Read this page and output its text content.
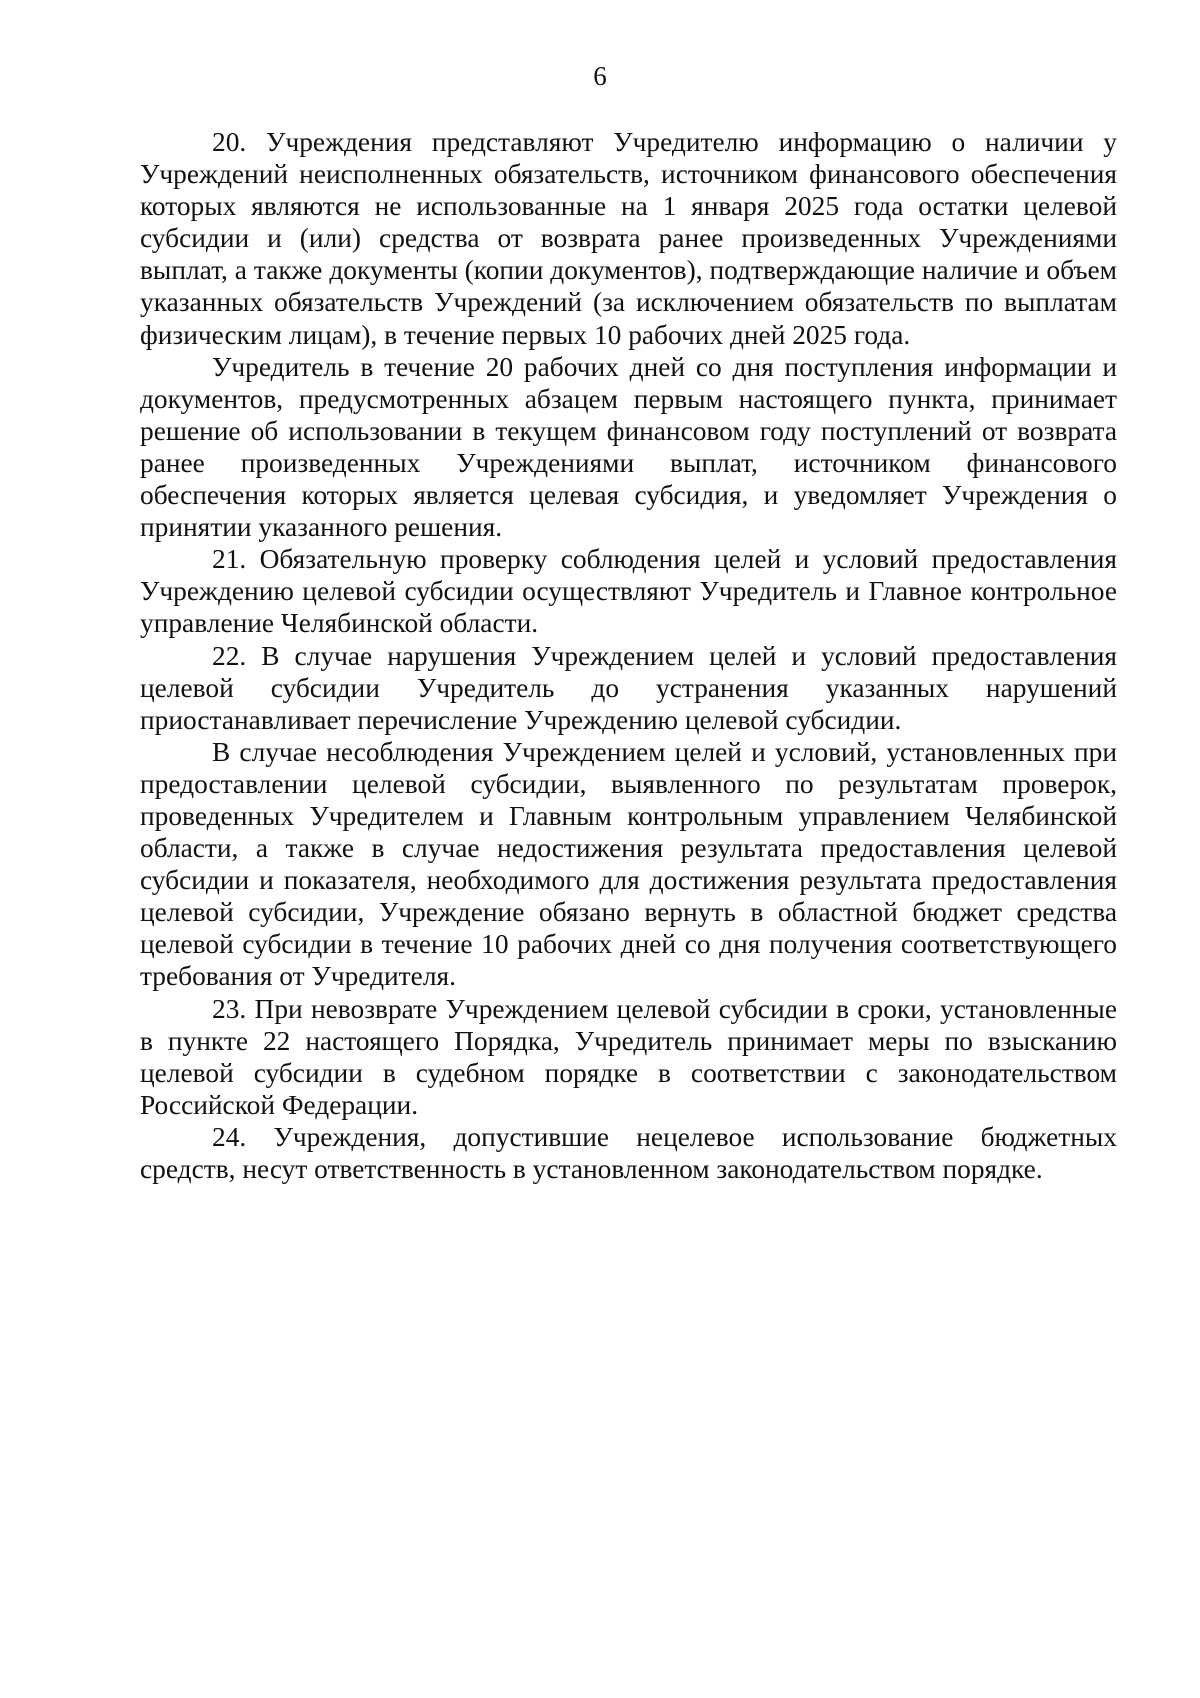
6

20. Учреждения представляют Учредителю информацию о наличии у Учреждений неисполненных обязательств, источником финансового обеспечения которых являются не использованные на 1 января 2025 года остатки целевой субсидии и (или) средства от возврата ранее произведенных Учреждениями выплат, а также документы (копии документов), подтверждающие наличие и объем указанных обязательств Учреждений (за исключением обязательств по выплатам физическим лицам), в течение первых 10 рабочих дней 2025 года.

Учредитель в течение 20 рабочих дней со дня поступления информации и документов, предусмотренных абзацем первым настоящего пункта, принимает решение об использовании в текущем финансовом году поступлений от возврата ранее произведенных Учреждениями выплат, источником финансового обеспечения которых является целевая субсидия, и уведомляет Учреждения о принятии указанного решения.

21. Обязательную проверку соблюдения целей и условий предоставления Учреждению целевой субсидии осуществляют Учредитель и Главное контрольное управление Челябинской области.

22. В случае нарушения Учреждением целей и условий предоставления целевой субсидии Учредитель до устранения указанных нарушений приостанавливает перечисление Учреждению целевой субсидии.

В случае несоблюдения Учреждением целей и условий, установленных при предоставлении целевой субсидии, выявленного по результатам проверок, проведенных Учредителем и Главным контрольным управлением Челябинской области, а также в случае недостижения результата предоставления целевой субсидии и показателя, необходимого для достижения результата предоставления целевой субсидии, Учреждение обязано вернуть в областной бюджет средства целевой субсидии в течение 10 рабочих дней со дня получения соответствующего требования от Учредителя.

23. При невозврате Учреждением целевой субсидии в сроки, установленные в пункте 22 настоящего Порядка, Учредитель принимает меры по взысканию целевой субсидии в судебном порядке в соответствии с законодательством Российской Федерации.

24. Учреждения, допустившие нецелевое использование бюджетных средств, несут ответственность в установленном законодательством порядке.
